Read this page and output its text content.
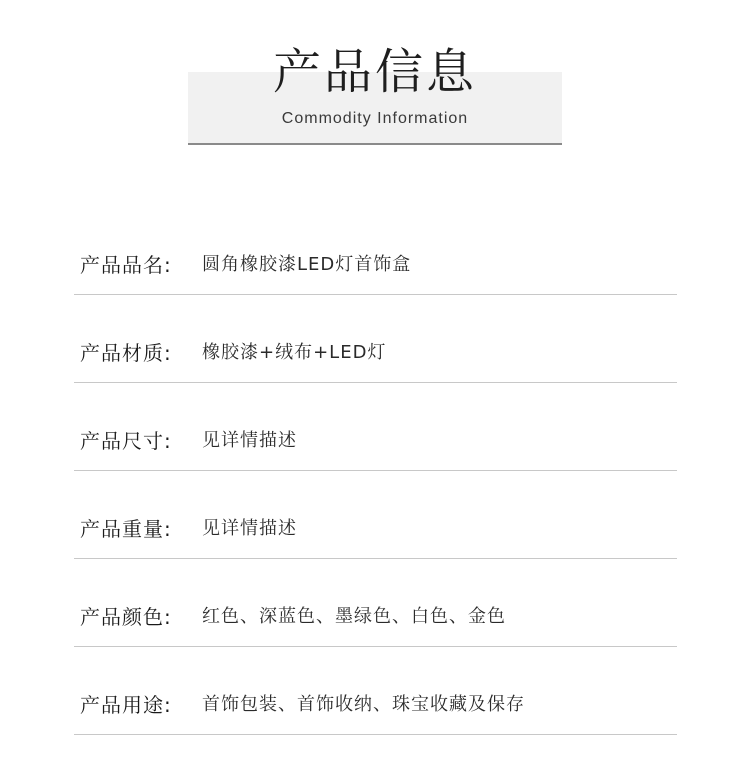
产品信息
Commodity Information
产品品名: 圆角橡胶漆LED灯首饰盒
产品材质: 橡胶漆+绒布+LED灯
产品尺寸: 见详情描述
产品重量: 见详情描述
产品颜色: 红色、深蓝色、墨绿色、白色、金色
产品用途: 首饰包装、首饰收纳、珠宝收藏及保存
